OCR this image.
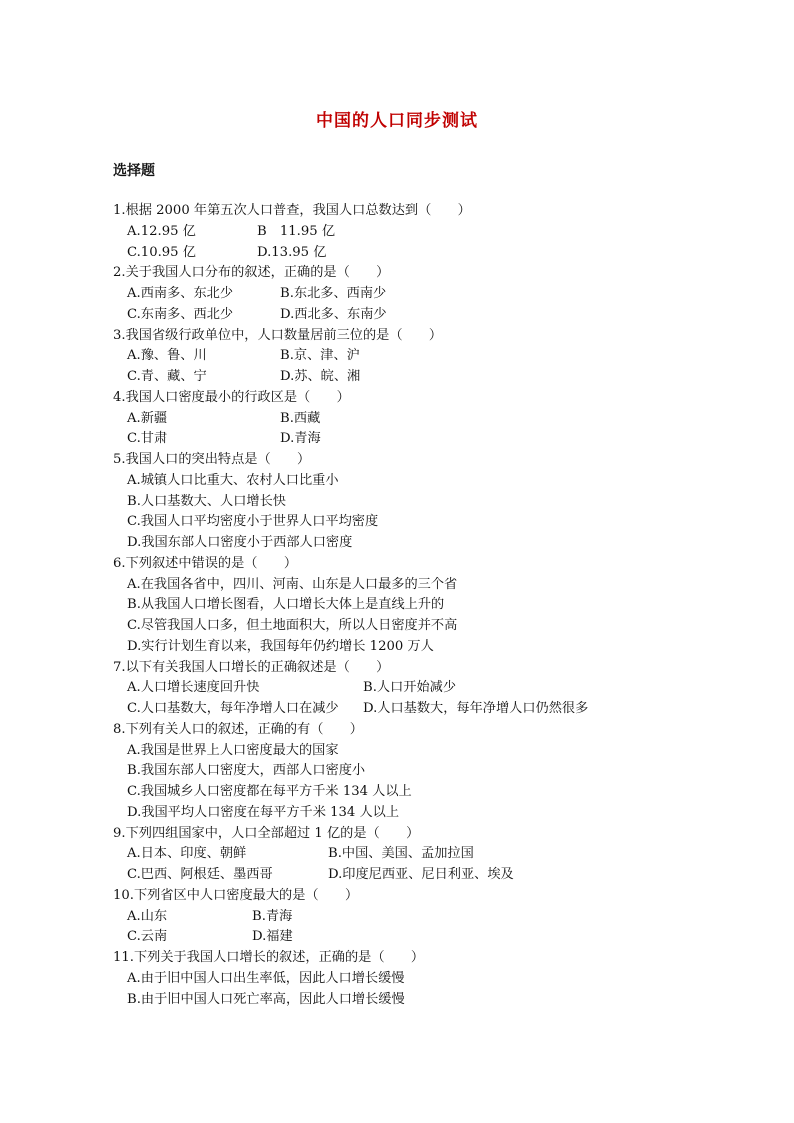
中国的人口同步测试
选择题
1.根据 2000 年第五次人口普查，我国人口总数达到（　　）
A.12.95 亿	B　11.95 亿
C.10.95 亿	D.13.95 亿
2.关于我国人口分布的叙述，正确的是（　　）
A.西南多、东北少	B.东北多、西南少
C.东南多、西北少	D.西北多、东南少
3.我国省级行政单位中，人口数量居前三位的是（　　）
A.豫、鲁、川	B.京、津、沪
C.青、藏、宁	D.苏、皖、湘
4.我国人口密度最小的行政区是（　　）
A.新疆	B.西藏
C.甘肃	D.青海
5.我国人口的突出特点是（　　）
A.城镇人口比重大、农村人口比重小
B.人口基数大、人口增长快
C.我国人口平均密度小于世界人口平均密度
D.我国东部人口密度小于西部人口密度
6.下列叙述中错误的是（　　）
A.在我国各省中，四川、河南、山东是人口最多的三个省
B.从我国人口增长图看，人口增长大体上是直线上升的
C.尽管我国人口多，但土地面积大，所以人日密度并不高
D.实行计划生育以来，我国每年仍约增长 1200 万人
7.以下有关我国人口增长的正确叙述是（　　）
A.人口增长速度回升快	B.人口开始减少
C.人口基数大，每年净增人口在减少 D.人口基数大，每年净增人口仍然很多
8.下列有关人口的叙述，正确的有（　　）
A.我国是世界上人口密度最大的国家
B.我国东部人口密度大，西部人口密度小
C.我国城乡人口密度都在每平方千米 134 人以上
D.我国平均人口密度在每平方千米 134 人以上
9.下列四组国家中，人口全部超过 1 亿的是（　　）
A.日本、印度、朝鲜	B.中国、美国、孟加拉国
C.巴西、阿根廷、墨西哥	D.印度尼西亚、尼日利亚、埃及
10.下列省区中人口密度最大的是（　　）
A.山东	B.青海
C.云南	D.福建
11.下列关于我国人口增长的叙述，正确的是（　　）
A.由于旧中国人口出生率低，因此人口增长缓慢
B.由于旧中国人口死亡率高，因此人口增长缓慢
